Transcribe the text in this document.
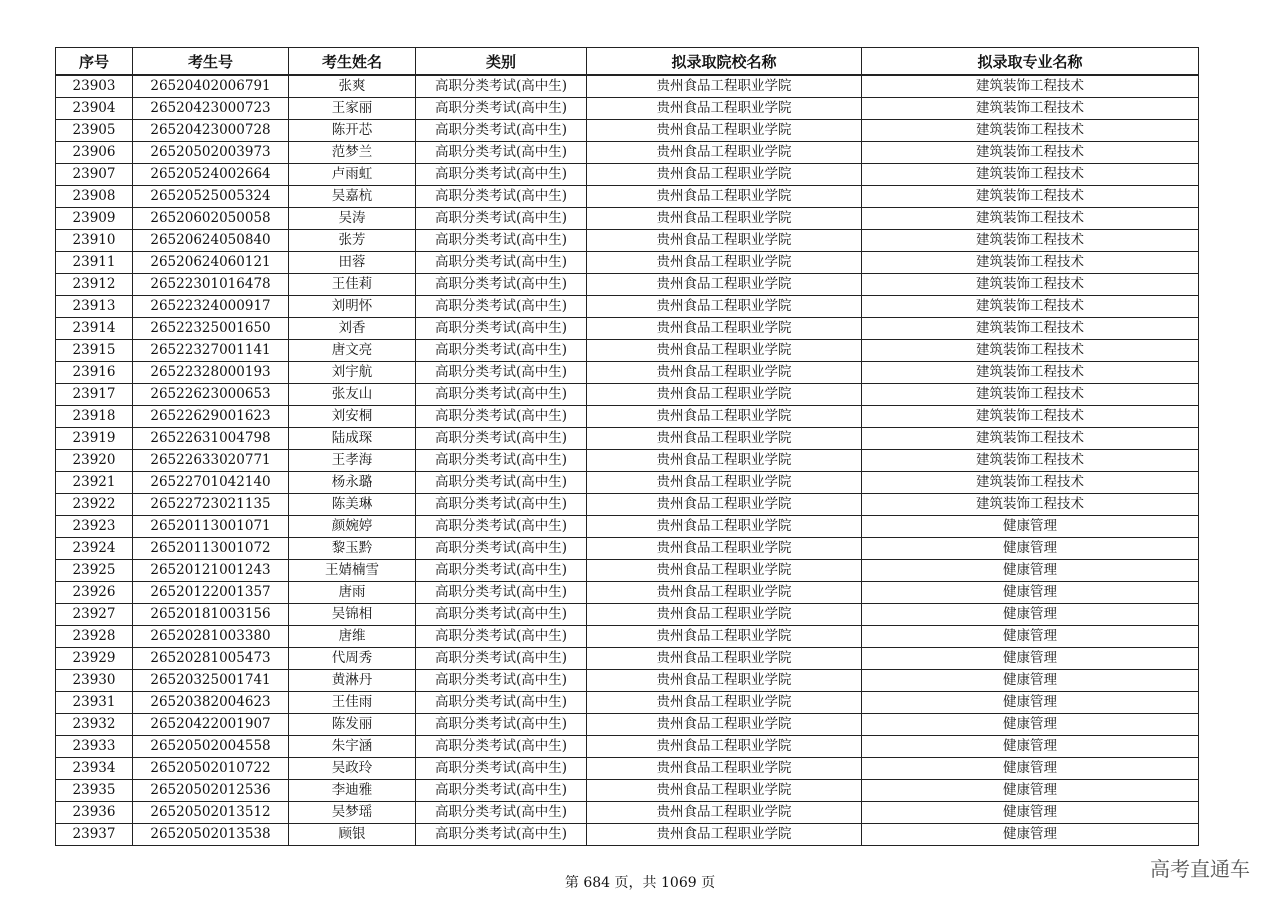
序号	考生号	考生姓名	类别	拟录取院校名称	拟录取专业名称
23903	26520402006791	张爽	高职分类考试(高中生)	贵州食品工程职业学院	建筑装饰工程技术
23904	26520423000723	王家丽	高职分类考试(高中生)	贵州食品工程职业学院	建筑装饰工程技术
23905	26520423000728	陈开芯	高职分类考试(高中生)	贵州食品工程职业学院	建筑装饰工程技术
23906	26520502003973	范梦兰	高职分类考试(高中生)	贵州食品工程职业学院	建筑装饰工程技术
23907	26520524002664	卢雨虹	高职分类考试(高中生)	贵州食品工程职业学院	建筑装饰工程技术
23908	26520525005324	吴嘉杭	高职分类考试(高中生)	贵州食品工程职业学院	建筑装饰工程技术
23909	26520602050058	吴涛	高职分类考试(高中生)	贵州食品工程职业学院	建筑装饰工程技术
23910	26520624050840	张芳	高职分类考试(高中生)	贵州食品工程职业学院	建筑装饰工程技术
23911	26520624060121	田蓉	高职分类考试(高中生)	贵州食品工程职业学院	建筑装饰工程技术
23912	26522301016478	王佳莉	高职分类考试(高中生)	贵州食品工程职业学院	建筑装饰工程技术
23913	26522324000917	刘明怀	高职分类考试(高中生)	贵州食品工程职业学院	建筑装饰工程技术
23914	26522325001650	刘香	高职分类考试(高中生)	贵州食品工程职业学院	建筑装饰工程技术
23915	26522327001141	唐文亮	高职分类考试(高中生)	贵州食品工程职业学院	建筑装饰工程技术
23916	26522328000193	刘宇航	高职分类考试(高中生)	贵州食品工程职业学院	建筑装饰工程技术
23917	26522623000653	张友山	高职分类考试(高中生)	贵州食品工程职业学院	建筑装饰工程技术
23918	26522629001623	刘安桐	高职分类考试(高中生)	贵州食品工程职业学院	建筑装饰工程技术
23919	26522631004798	陆成琛	高职分类考试(高中生)	贵州食品工程职业学院	建筑装饰工程技术
23920	26522633020771	王孝海	高职分类考试(高中生)	贵州食品工程职业学院	建筑装饰工程技术
23921	26522701042140	杨永璐	高职分类考试(高中生)	贵州食品工程职业学院	建筑装饰工程技术
23922	26522723021135	陈美琳	高职分类考试(高中生)	贵州食品工程职业学院	建筑装饰工程技术
23923	26520113001071	颜婉婷	高职分类考试(高中生)	贵州食品工程职业学院	健康管理
23924	26520113001072	黎玉黔	高职分类考试(高中生)	贵州食品工程职业学院	健康管理
23925	26520121001243	王婧楠雪	高职分类考试(高中生)	贵州食品工程职业学院	健康管理
23926	26520122001357	唐雨	高职分类考试(高中生)	贵州食品工程职业学院	健康管理
23927	26520181003156	吴锦相	高职分类考试(高中生)	贵州食品工程职业学院	健康管理
23928	26520281003380	唐维	高职分类考试(高中生)	贵州食品工程职业学院	健康管理
23929	26520281005473	代周秀	高职分类考试(高中生)	贵州食品工程职业学院	健康管理
23930	26520325001741	黄淋丹	高职分类考试(高中生)	贵州食品工程职业学院	健康管理
23931	26520382004623	王佳雨	高职分类考试(高中生)	贵州食品工程职业学院	健康管理
23932	26520422001907	陈发丽	高职分类考试(高中生)	贵州食品工程职业学院	健康管理
23933	26520502004558	朱宇涵	高职分类考试(高中生)	贵州食品工程职业学院	健康管理
23934	26520502010722	吴政玲	高职分类考试(高中生)	贵州食品工程职业学院	健康管理
23935	26520502012536	李迪雅	高职分类考试(高中生)	贵州食品工程职业学院	健康管理
23936	26520502013512	吴梦瑶	高职分类考试(高中生)	贵州食品工程职业学院	健康管理
23937	26520502013538	顾银	高职分类考试(高中生)	贵州食品工程职业学院	健康管理
第 684 页，共 1069 页
高考直通车
